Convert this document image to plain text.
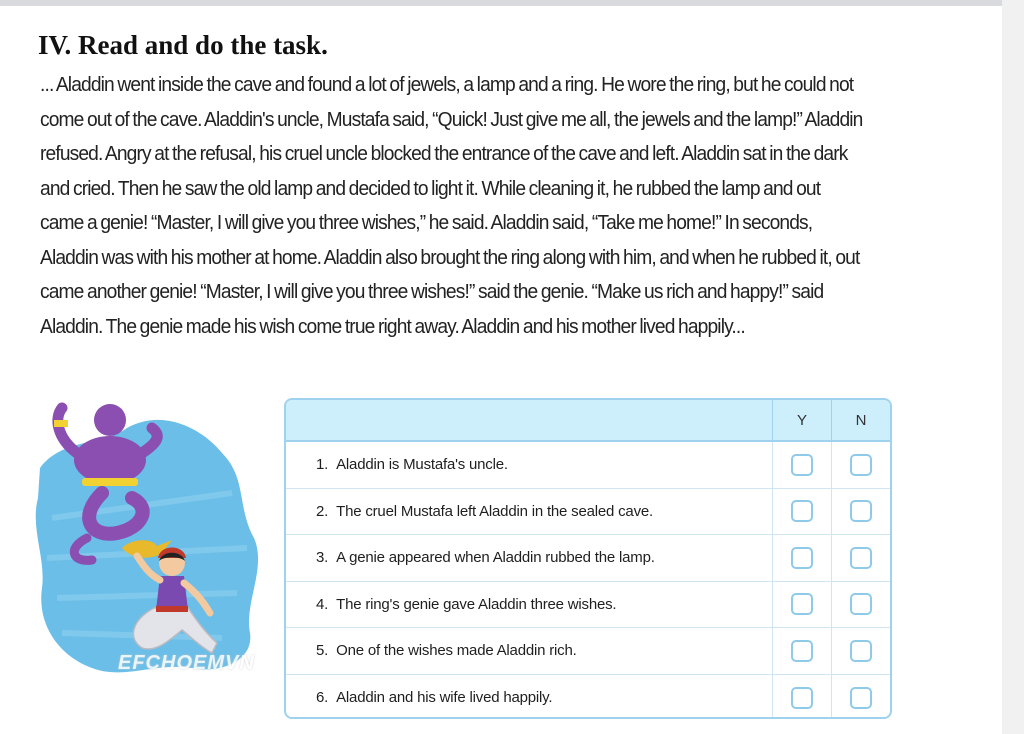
IV. Read and do the task.
... Aladdin went inside the cave and found a lot of jewels, a lamp and a ring. He wore the ring, but he could not come out of the cave. Aladdin's uncle, Mustafa said, “Quick! Just give me all, the jewels and the lamp!” Aladdin refused. Angry at the refusal, his cruel uncle blocked the entrance of the cave and left. Aladdin sat in the dark and cried. Then he saw the old lamp and decided to light it. While cleaning it, he rubbed the lamp and out came a genie! “Master, I will give you three wishes,” he said. Aladdin said, “Take me home!” In seconds, Aladdin was with his mother at home. Aladdin also brought the ring along with him, and when he rubbed it, out came another genie! “Master, I will give you three wishes!” said the genie. “Make us rich and happy!” said Aladdin. The genie made his wish come true right away. Aladdin and his mother lived happily...
EFCHOEMVN
Y	N
1. Aladdin is Mustafa's uncle.
2. The cruel Mustafa left Aladdin in the sealed cave.
3. A genie appeared when Aladdin rubbed the lamp.
4. The ring's genie gave Aladdin three wishes.
5. One of the wishes made Aladdin rich.
6. Aladdin and his wife lived happily.
